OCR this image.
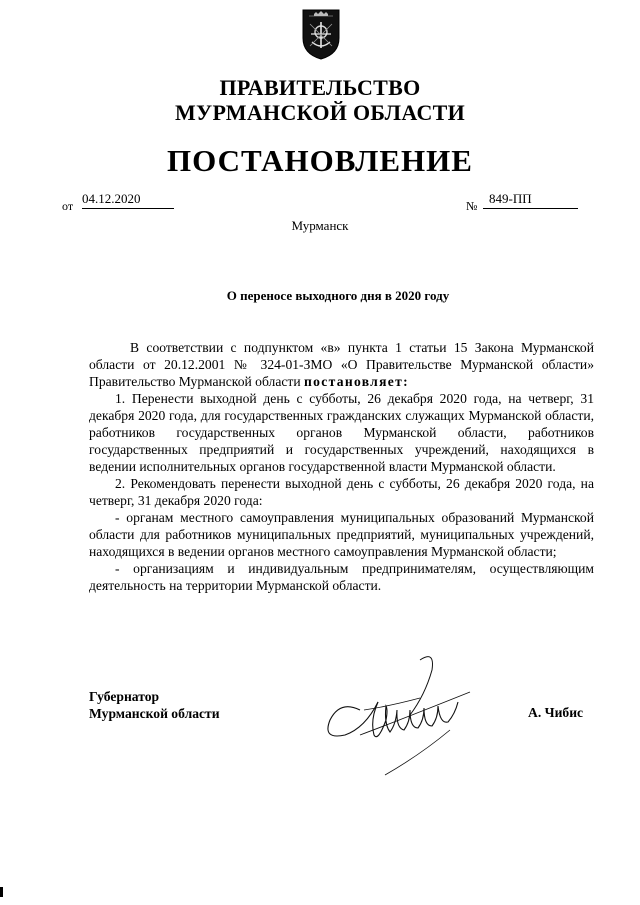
ПРАВИТЕЛЬСТВО
МУРМАНСКОЙ ОБЛАСТИ
ПОСТАНОВЛЕНИЕ
от 04.12.2020	№ 849-ПП
Мурманск
О переносе выходного дня в 2020 году

В соответствии с подпунктом «в» пункта 1 статьи 15 Закона Мурманской области от 20.12.2001 № 324-01-ЗМО «О Правительстве Мурманской области» Правительство Мурманской области постановляет:

1. Перенести выходной день с субботы, 26 декабря 2020 года, на четверг, 31 декабря 2020 года, для государственных гражданских служащих Мурманской области, работников государственных органов Мурманской области, работников государственных предприятий и государственных учреждений, находящихся в ведении исполнительных органов государственной власти Мурманской области.

2. Рекомендовать перенести выходной день с субботы, 26 декабря 2020 года, на четверг, 31 декабря 2020 года:

- органам местного самоуправления муниципальных образований Мурманской области для работников муниципальных предприятий, муниципальных учреждений, находящихся в ведении органов местного самоуправления Мурманской области;

- организациям и индивидуальным предпринимателям, осуществляющим деятельность на территории Мурманской области.

Губернатор
Мурманской области	А. Чибис
